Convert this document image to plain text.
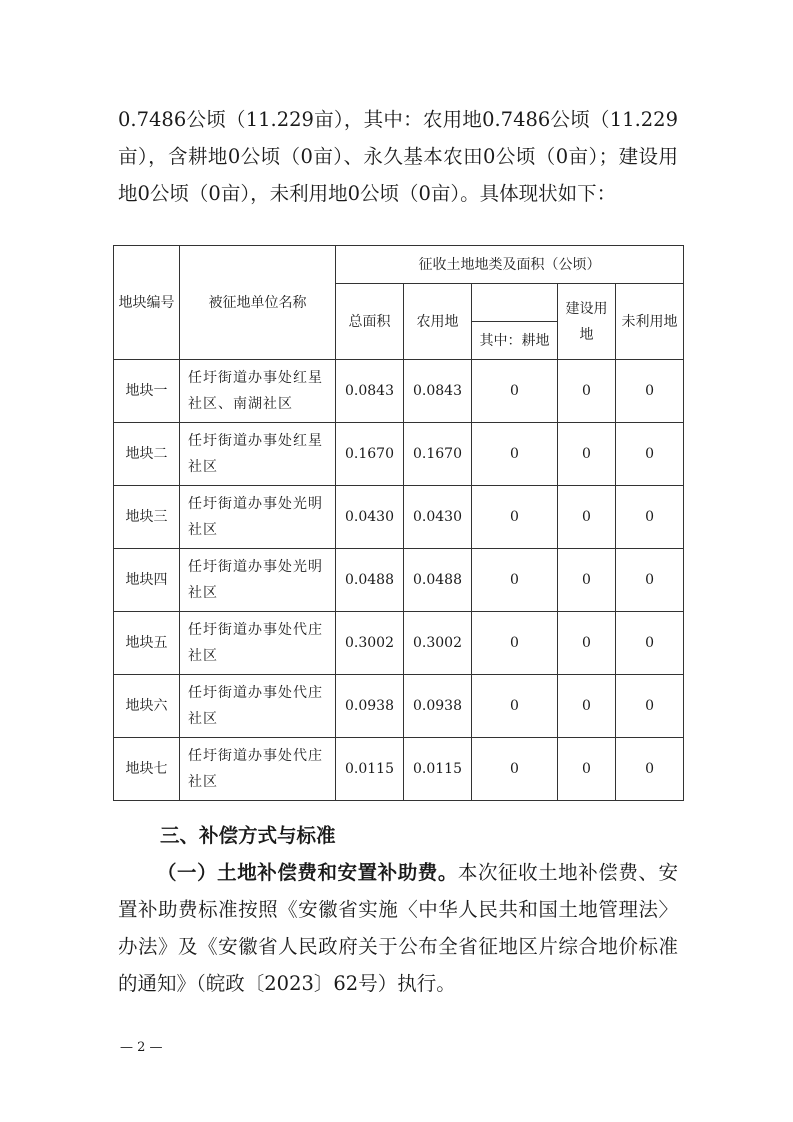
0.7486公顷（11.229亩），其中：农用地0.7486公顷（11.229亩），含耕地0公顷（0亩）、永久基本农田0公顷（0亩）；建设用地0公顷（0亩），未利用地0公顷（0亩）。具体现状如下：

地块编号	被征地单位名称	征收土地地类及面积（公顷）				
		总面积	农用地		建设用地	未利用地
				其中：耕地		
地块一	任圩街道办事处红星社区、南湖社区	0.0843	0.0843	0	0	0
地块二	任圩街道办事处红星社区	0.1670	0.1670	0	0	0
地块三	任圩街道办事处光明社区	0.0430	0.0430	0	0	0
地块四	任圩街道办事处光明社区	0.0488	0.0488	0	0	0
地块五	任圩街道办事处代庄社区	0.3002	0.3002	0	0	0
地块六	任圩街道办事处代庄社区	0.0938	0.0938	0	0	0
地块七	任圩街道办事处代庄社区	0.0115	0.0115	0	0	0

三、补偿方式与标准

（一）土地补偿费和安置补助费。本次征收土地补偿费、安置补助费标准按照《安徽省实施〈中华人民共和国土地管理法〉办法》及《安徽省人民政府关于公布全省征地区片综合地价标准的通知》（皖政〔2023〕62号）执行。

— 2 —
